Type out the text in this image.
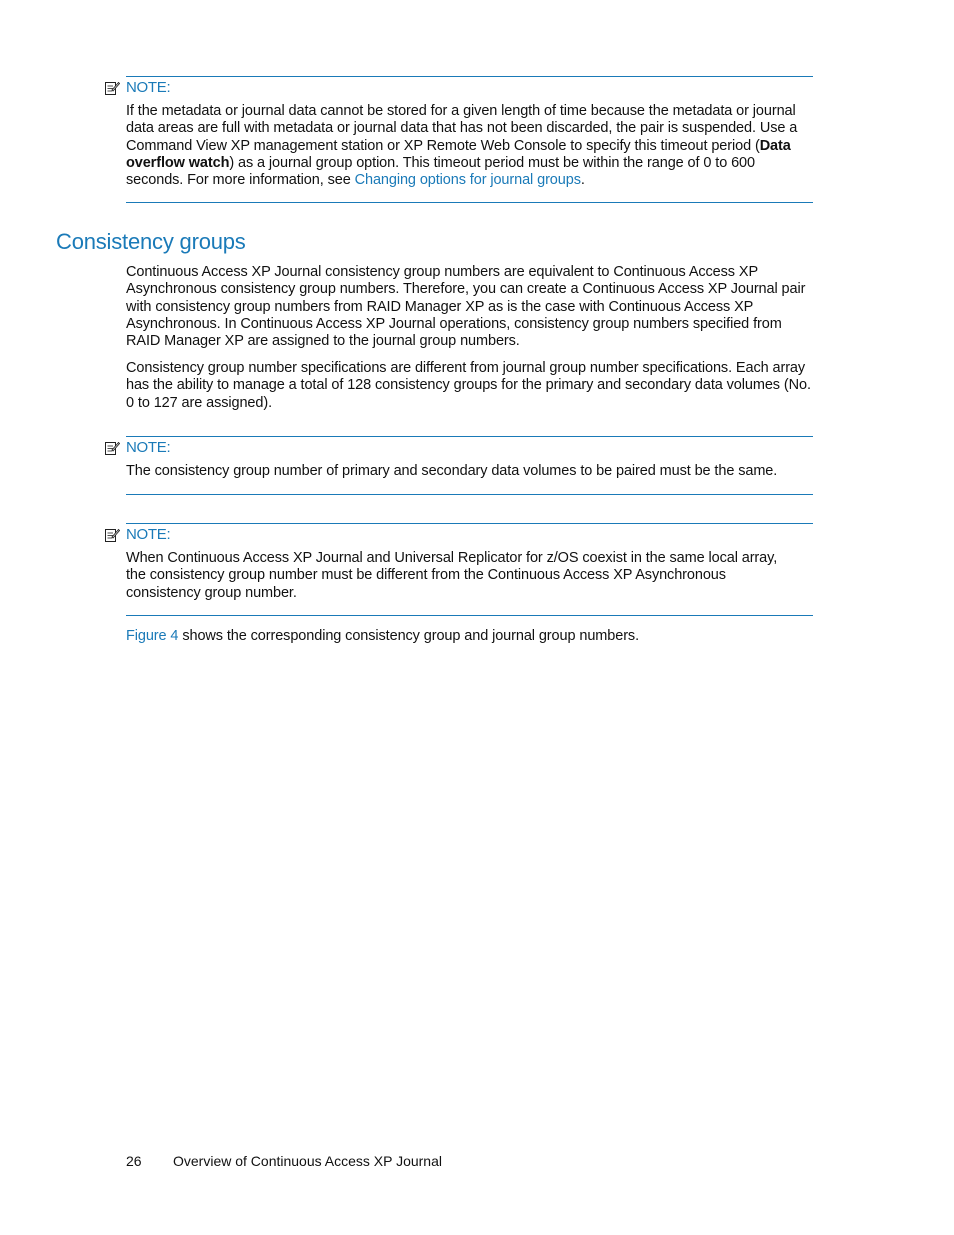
NOTE:
If the metadata or journal data cannot be stored for a given length of time because the metadata or journal data areas are full with metadata or journal data that has not been discarded, the pair is suspended. Use a Command View XP management station or XP Remote Web Console to specify this timeout period (Data overflow watch) as a journal group option. This timeout period must be within the range of 0 to 600 seconds. For more information, see Changing options for journal groups.
Consistency groups

Continuous Access XP Journal consistency group numbers are equivalent to Continuous Access XP Asynchronous consistency group numbers. Therefore, you can create a Continuous Access XP Journal pair with consistency group numbers from RAID Manager XP as is the case with Continuous Access XP Asynchronous. In Continuous Access XP Journal operations, consistency group numbers specified from RAID Manager XP are assigned to the journal group numbers.

Consistency group number specifications are different from journal group number specifications. Each array has the ability to manage a total of 128 consistency groups for the primary and secondary data volumes (No. 0 to 127 are assigned).

NOTE:
The consistency group number of primary and secondary data volumes to be paired must be the same.
NOTE:
When Continuous Access XP Journal and Universal Replicator for z/OS coexist in the same local array, the consistency group number must be different from the Continuous Access XP Asynchronous consistency group number.

Figure 4 shows the corresponding consistency group and journal group numbers.

26 Overview of Continuous Access XP Journal
